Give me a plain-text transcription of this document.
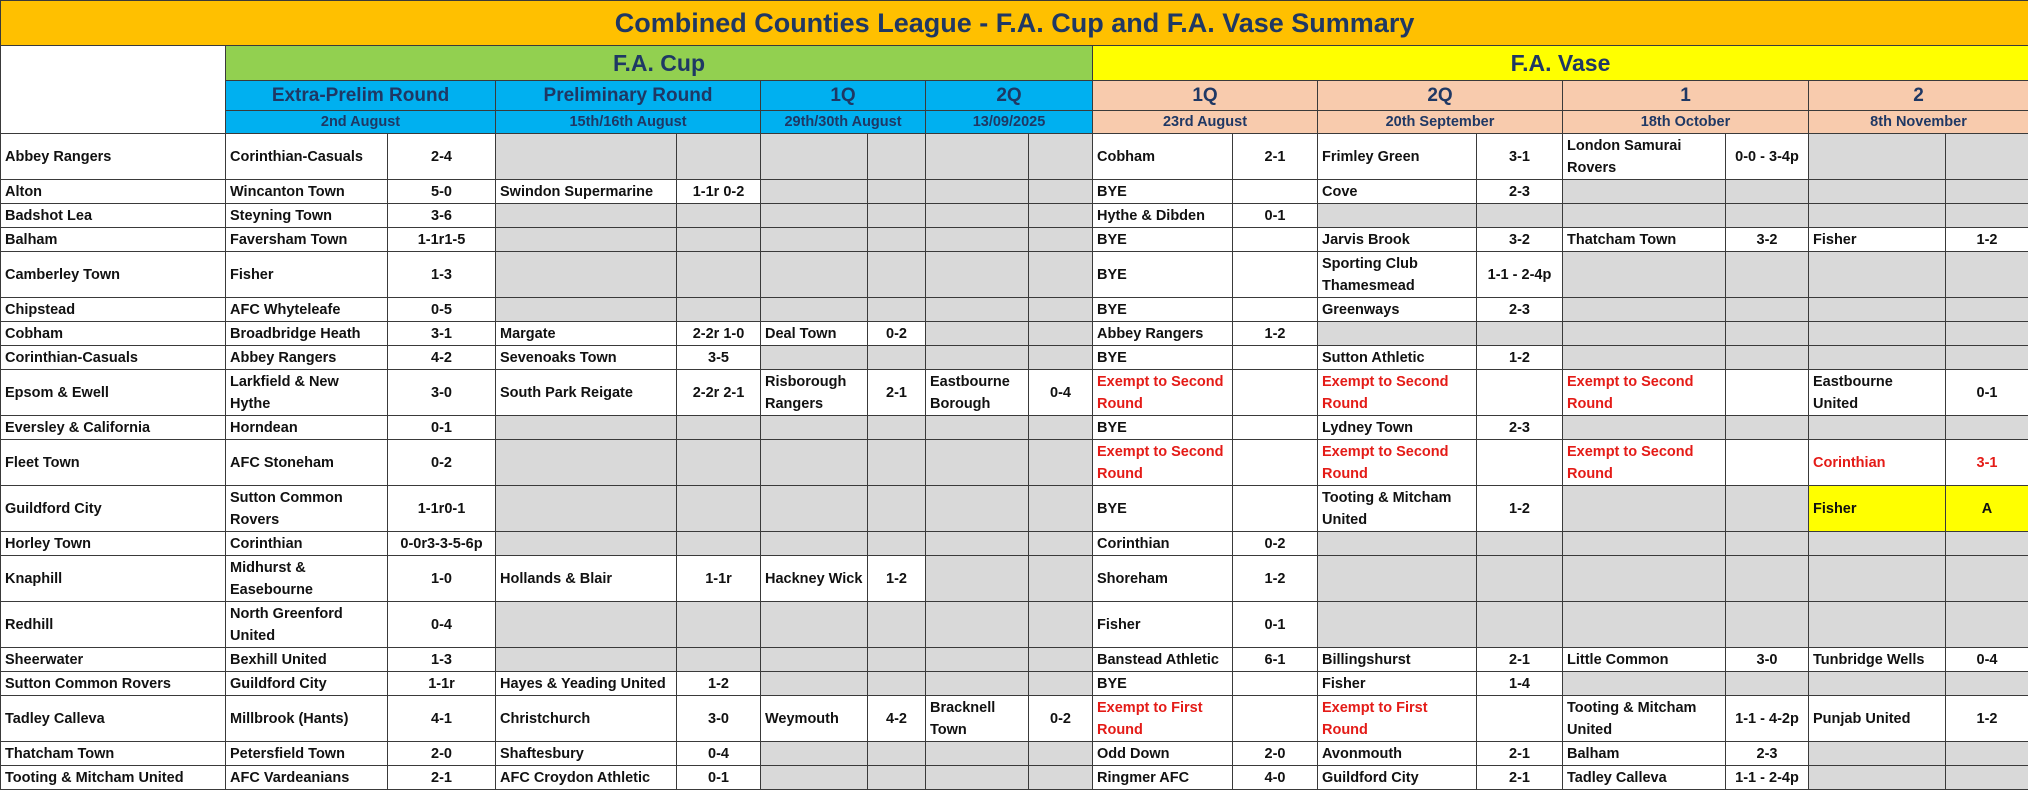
Combined Counties League - F.A. Cup and F.A. Vase Summary																
	F.A. Cup								F.A. Vase							
	Extra-Prelim Round		Preliminary Round		1Q		2Q		1Q		2Q		1		2	
	2nd August		15th/16th August		29th/30th August		13/09/2025		23rd August		20th September		18th October		8th November	
Abbey Rangers	Corinthian-Casuals	2-4							Cobham	2-1	Frimley Green	3-1	London Samurai Rovers	0-0 - 3-4p		
Alton	Wincanton Town	5-0	Swindon Supermarine	1-1r 0-2					BYE		Cove	2-3				
Badshot Lea	Steyning Town	3-6							Hythe & Dibden	0-1						
Balham	Faversham Town	1-1r1-5							BYE		Jarvis Brook	3-2	Thatcham Town	3-2	Fisher	1-2
Camberley Town	Fisher	1-3							BYE		Sporting Club Thamesmead	1-1 - 2-4p				
Chipstead	AFC Whyteleafe	0-5							BYE		Greenways	2-3				
Cobham	Broadbridge Heath	3-1	Margate	2-2r 1-0	Deal Town	0-2			Abbey Rangers	1-2						
Corinthian-Casuals	Abbey Rangers	4-2	Sevenoaks Town	3-5					BYE		Sutton Athletic	1-2				
Epsom & Ewell	Larkfield & New Hythe	3-0	South Park Reigate	2-2r 2-1	Risborough Rangers	2-1	Eastbourne Borough	0-4	Exempt to Second Round		Exempt to Second Round		Exempt to Second Round		Eastbourne United	0-1
Eversley & California	Horndean	0-1							BYE		Lydney Town	2-3				
Fleet Town	AFC Stoneham	0-2							Exempt to Second Round		Exempt to Second Round		Exempt to Second Round		Corinthian	3-1
Guildford City	Sutton Common Rovers	1-1r0-1							BYE		Tooting & Mitcham United	1-2			Fisher	A
Horley Town	Corinthian	0-0r3-3-5-6p							Corinthian	0-2						
Knaphill	Midhurst & Easebourne	1-0	Hollands & Blair	1-1r	Hackney Wick	1-2			Shoreham	1-2						
Redhill	North Greenford United	0-4							Fisher	0-1						
Sheerwater	Bexhill United	1-3							Banstead Athletic	6-1	Billingshurst	2-1	Little Common	3-0	Tunbridge Wells	0-4
Sutton Common Rovers	Guildford City	1-1r	Hayes & Yeading United	1-2					BYE		Fisher	1-4				
Tadley Calleva	Millbrook (Hants)	4-1	Christchurch	3-0	Weymouth	4-2	Bracknell Town	0-2	Exempt to First Round		Exempt to First Round		Tooting & Mitcham United	1-1 - 4-2p	Punjab United	1-2
Thatcham Town	Petersfield Town	2-0	Shaftesbury	0-4					Odd Down	2-0	Avonmouth	2-1	Balham	2-3		
Tooting & Mitcham United	AFC Vardeanians	2-1	AFC Croydon Athletic	0-1					Ringmer AFC	4-0	Guildford City	2-1	Tadley Calleva	1-1 - 2-4p		
